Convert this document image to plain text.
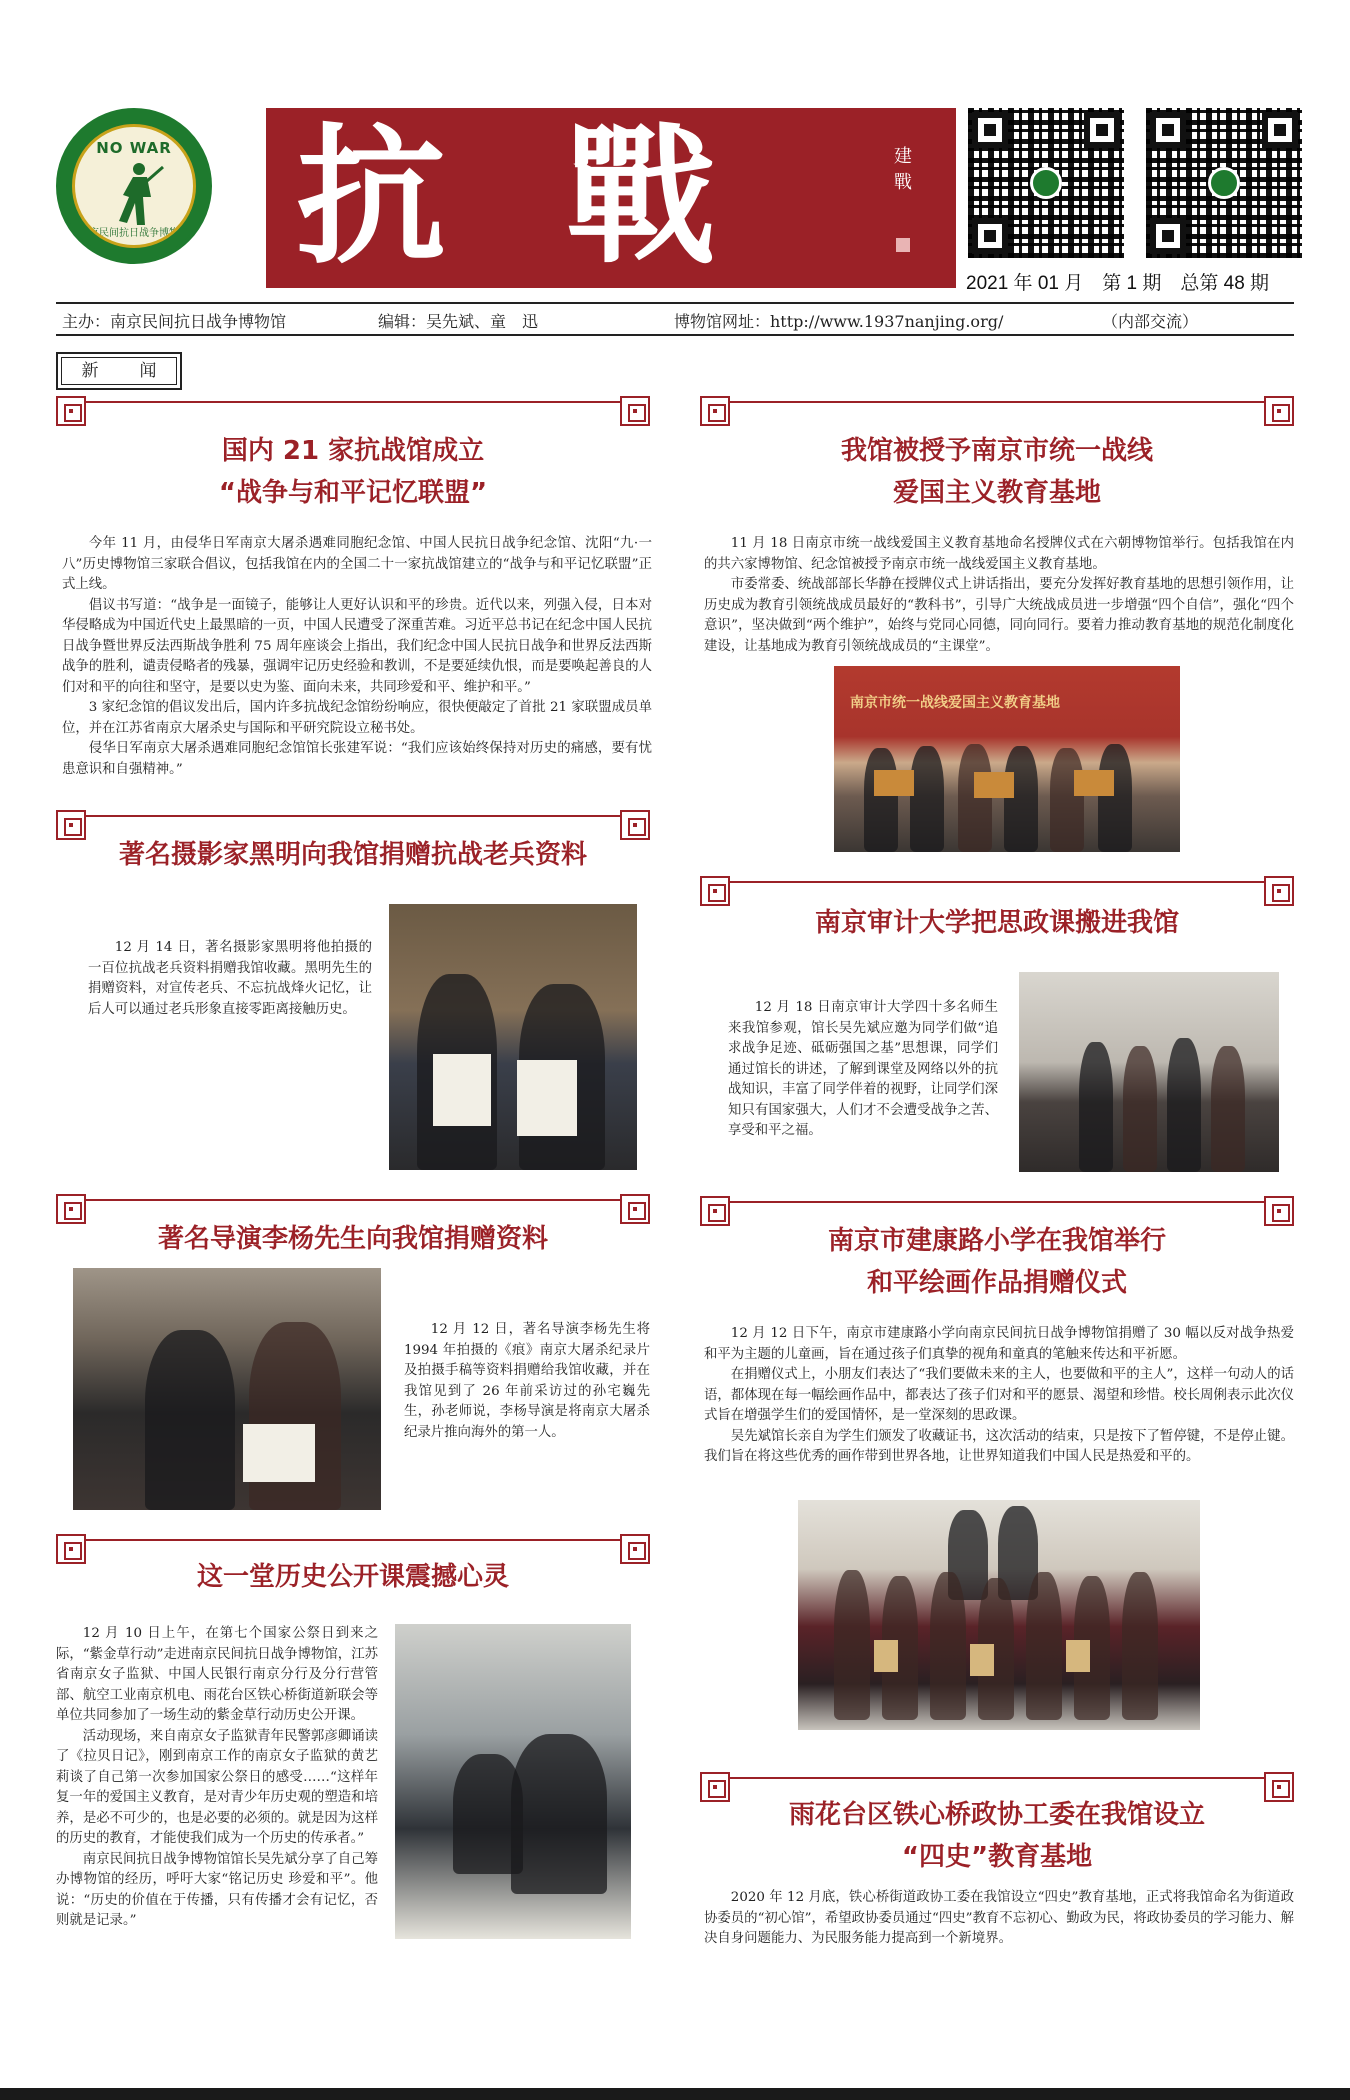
NO WAR
南京民间抗日战争博物馆 抗戰	建戰
2021 年 01 月　第 1 期　总第 48 期
主办：南京民间抗日战争博物馆	编辑：吴先斌、童　迅	博物馆网址：http://www.1937nanjing.org/	（内部交流）
新　闻
国内 21 家抗战馆成立
“战争与和平记忆联盟”

今年 11 月，由侵华日军南京大屠杀遇难同胞纪念馆、中国人民抗日战争纪念馆、沈阳“九·一八”历史博物馆三家联合倡议，包括我馆在内的全国二十一家抗战馆建立的“战争与和平记忆联盟”正式上线。

倡议书写道：“战争是一面镜子，能够让人更好认识和平的珍贵。近代以来，列强入侵，日本对华侵略成为中国近代史上最黑暗的一页，中国人民遭受了深重苦难。习近平总书记在纪念中国人民抗日战争暨世界反法西斯战争胜利 75 周年座谈会上指出，我们纪念中国人民抗日战争和世界反法西斯战争的胜利，谴责侵略者的残暴，强调牢记历史经验和教训，不是要延续仇恨，而是要唤起善良的人们对和平的向往和坚守，是要以史为鉴、面向未来，共同珍爱和平、维护和平。”

3 家纪念馆的倡议发出后，国内许多抗战纪念馆纷纷响应，很快便敲定了首批 21 家联盟成员单位，并在江苏省南京大屠杀史与国际和平研究院设立秘书处。

侵华日军南京大屠杀遇难同胞纪念馆馆长张建军说：“我们应该始终保持对历史的痛感，要有忧患意识和自强精神。”

著名摄影家黑明向我馆捐赠抗战老兵资料

12 月 14 日，著名摄影家黑明将他拍摄的一百位抗战老兵资料捐赠我馆收藏。黑明先生的捐赠资料，对宣传老兵、不忘抗战烽火记忆，让后人可以通过老兵形象直接零距离接触历史。

著名导演李杨先生向我馆捐赠资料

12 月 12 日，著名导演李杨先生将 1994 年拍摄的《痕》南京大屠杀纪录片及拍摄手稿等资料捐赠给我馆收藏，并在我馆见到了 26 年前采访过的孙宅巍先生，孙老师说，李杨导演是将南京大屠杀纪录片推向海外的第一人。

这一堂历史公开课震撼心灵

12 月 10 日上午，在第七个国家公祭日到来之际，“紫金草行动”走进南京民间抗日战争博物馆，江苏省南京女子监狱、中国人民银行南京分行及分行营管部、航空工业南京机电、雨花台区铁心桥街道新联会等单位共同参加了一场生动的紫金草行动历史公开课。

活动现场，来自南京女子监狱青年民警郭彦卿诵读了《拉贝日记》，刚到南京工作的南京女子监狱的黄艺莉谈了自己第一次参加国家公祭日的感受……“这样年复一年的爱国主义教育，是对青少年历史观的塑造和培养，是必不可少的，也是必要的必须的。就是因为这样的历史的教育，才能使我们成为一个历史的传承者。”

南京民间抗日战争博物馆馆长吴先斌分享了自己筹办博物馆的经历，呼吁大家“铭记历史 珍爱和平”。他说：“历史的价值在于传播，只有传播才会有记忆，否则就是记录。”

我馆被授予南京市统一战线
爱国主义教育基地

11 月 18 日南京市统一战线爱国主义教育基地命名授牌仪式在六朝博物馆举行。包括我馆在内的共六家博物馆、纪念馆被授予南京市统一战线爱国主义教育基地。

市委常委、统战部部长华静在授牌仪式上讲话指出，要充分发挥好教育基地的思想引领作用，让历史成为教育引领统战成员最好的“教科书”，引导广大统战成员进一步增强“四个自信”，强化“四个意识”，坚决做到“两个维护”，始终与党同心同德，同向同行。要着力推动教育基地的规范化制度化建设，让基地成为教育引领统战成员的“主课堂”。

南京市统一战线爱国主义教育基地
南京审计大学把思政课搬进我馆

12 月 18 日南京审计大学四十多名师生来我馆参观，馆长吴先斌应邀为同学们做“追求战争足迹、砥砺强国之基”思想课，同学们通过馆长的讲述，了解到课堂及网络以外的抗战知识，丰富了同学伴着的视野，让同学们深知只有国家强大，人们才不会遭受战争之苦、享受和平之福。

南京市建康路小学在我馆举行
和平绘画作品捐赠仪式

12 月 12 日下午，南京市建康路小学向南京民间抗日战争博物馆捐赠了 30 幅以反对战争热爱和平为主题的儿童画，旨在通过孩子们真挚的视角和童真的笔触来传达和平祈愿。

在捐赠仪式上，小朋友们表达了“我们要做未来的主人，也要做和平的主人”，这样一句动人的话语，都体现在每一幅绘画作品中，都表达了孩子们对和平的愿景、渴望和珍惜。校长周俐表示此次仪式旨在增强学生们的爱国情怀，是一堂深刻的思政课。

吴先斌馆长亲自为学生们颁发了收藏证书，这次活动的结束，只是按下了暂停键，不是停止键。我们旨在将这些优秀的画作带到世界各地，让世界知道我们中国人民是热爱和平的。

雨花台区铁心桥政协工委在我馆设立
“四史”教育基地

2020 年 12 月底，铁心桥街道政协工委在我馆设立“四史”教育基地，正式将我馆命名为街道政协委员的“初心馆”，希望政协委员通过“四史”教育不忘初心、勤政为民，将政协委员的学习能力、解决自身问题能力、为民服务能力提高到一个新境界。
